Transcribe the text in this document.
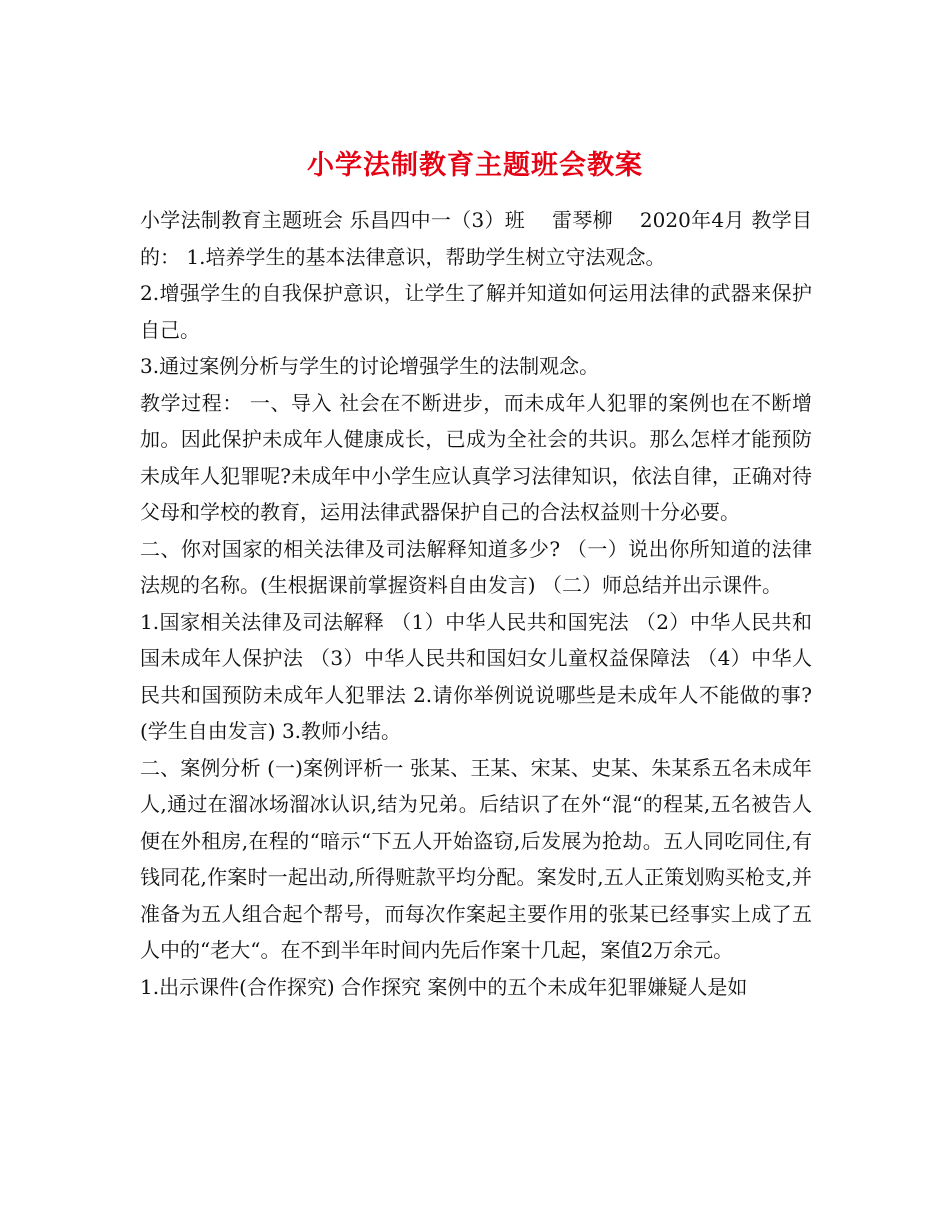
小学法制教育主题班会教案

小学法制教育主题班会 乐昌四中一（3）班　 雷琴柳　 2020年4月 教学目的： 1.培养学生的基本法律意识，帮助学生树立守法观念。

2.增强学生的自我保护意识，让学生了解并知道如何运用法律的武器来保护自己。

3.通过案例分析与学生的讨论增强学生的法制观念。

教学过程： 一、导入 社会在不断进步，而未成年人犯罪的案例也在不断增加。因此保护未成年人健康成长，已成为全社会的共识。那么怎样才能预防未成年人犯罪呢?未成年中小学生应认真学习法律知识，依法自律，正确对待父母和学校的教育，运用法律武器保护自己的合法权益则十分必要。

二、你对国家的相关法律及司法解释知道多少? （一）说出你所知道的法律法规的名称。(生根据课前掌握资料自由发言) （二）师总结并出示课件。

1.国家相关法律及司法解释 （1）中华人民共和国宪法 （2）中华人民共和国未成年人保护法 （3）中华人民共和国妇女儿童权益保障法 （4）中华人民共和国预防未成年人犯罪法 2.请你举例说说哪些是未成年人不能做的事?(学生自由发言) 3.教师小结。

二、案例分析 (一)案例评析一 张某、王某、宋某、史某、朱某系五名未成年人,通过在溜冰场溜冰认识,结为兄弟。后结识了在外“混“的程某,五名被告人便在外租房,在程的“暗示“下五人开始盗窃,后发展为抢劫。五人同吃同住,有钱同花,作案时一起出动,所得赃款平均分配。案发时,五人正策划购买枪支,并准备为五人组合起个帮号，而每次作案起主要作用的张某已经事实上成了五人中的“老大“。在不到半年时间内先后作案十几起，案值2万余元。

1.出示课件(合作探究) 合作探究 案例中的五个未成年犯罪嫌疑人是如
